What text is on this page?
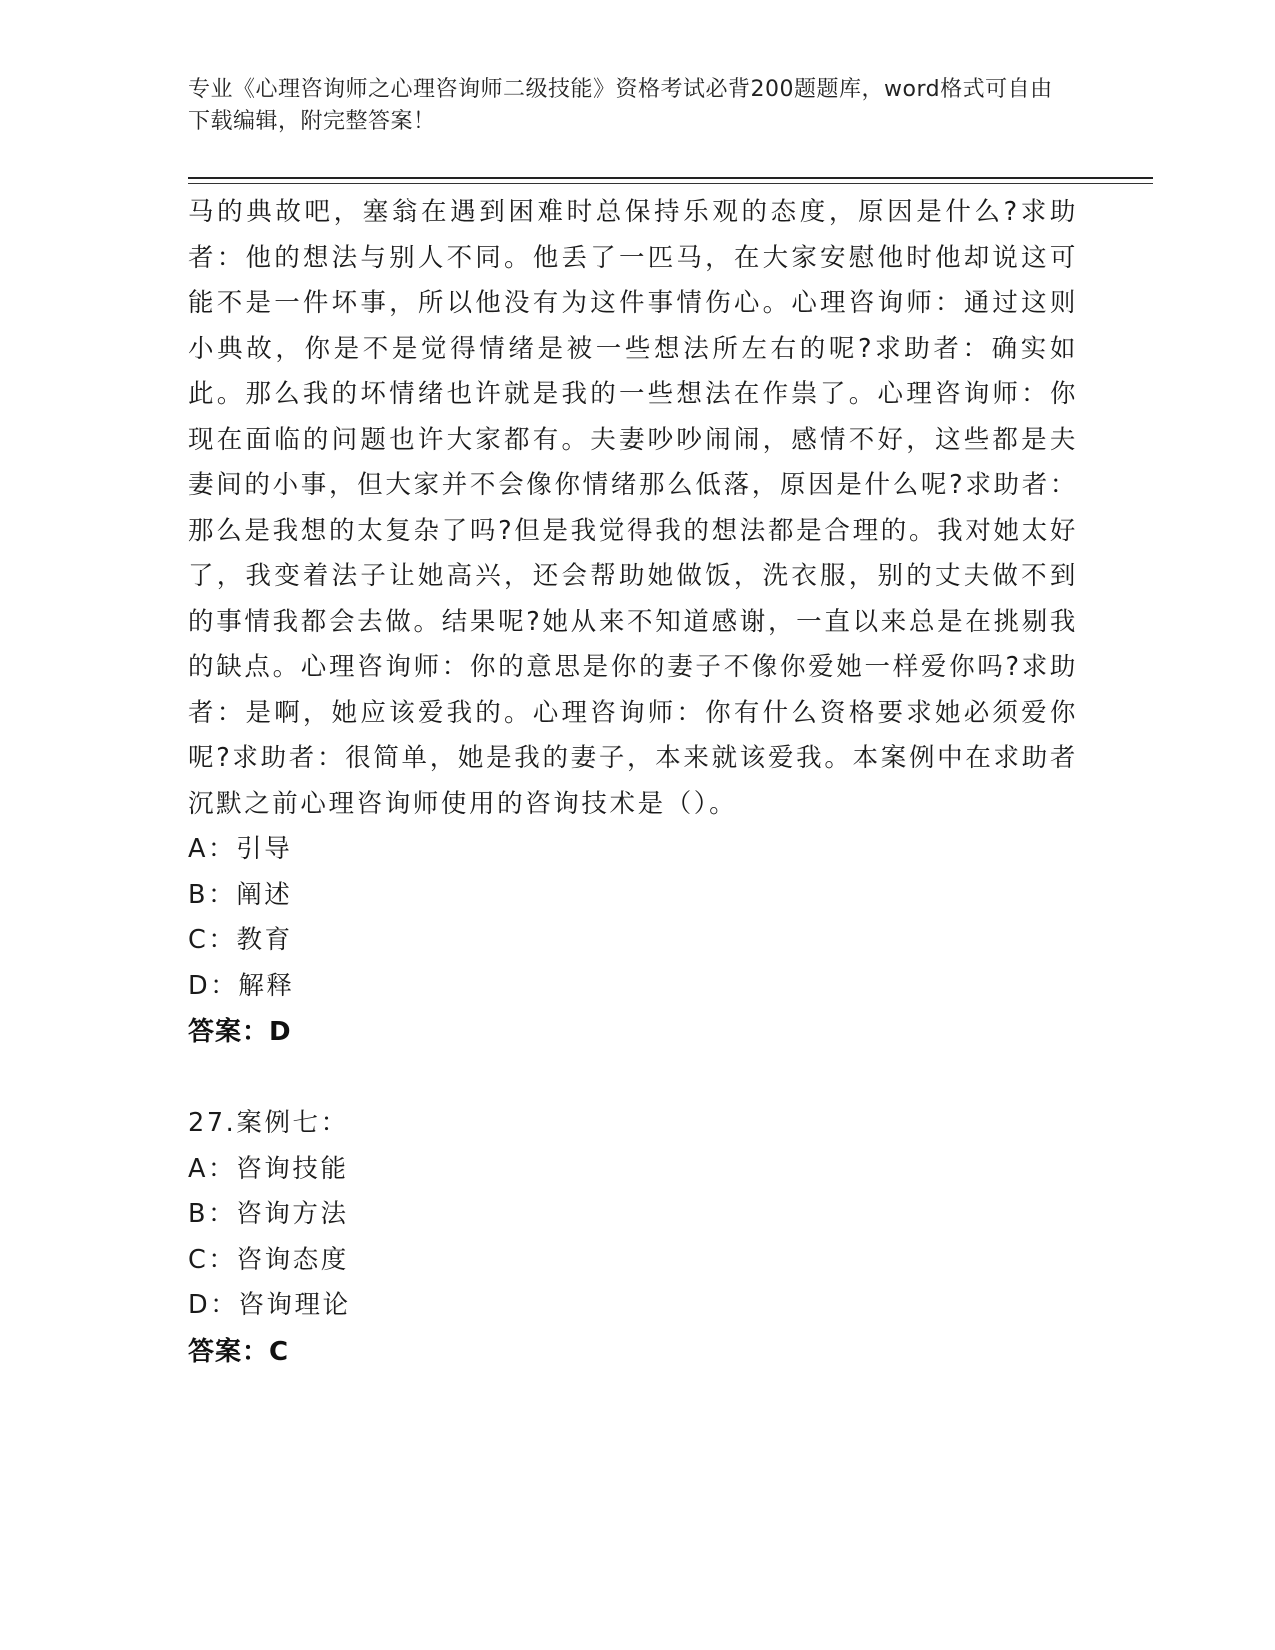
专业《心理咨询师之心理咨询师二级技能》资格考试必背200题题库，word格式可自由下载编辑，附完整答案！

马的典故吧，塞翁在遇到困难时总保持乐观的态度，原因是什么?求助者：他的想法与别人不同。他丢了一匹马，在大家安慰他时他却说这可能不是一件坏事，所以他没有为这件事情伤心。心理咨询师：通过这则小典故，你是不是觉得情绪是被一些想法所左右的呢?求助者：确实如此。那么我的坏情绪也许就是我的一些想法在作祟了。心理咨询师：你现在面临的问题也许大家都有。夫妻吵吵闹闹，感情不好，这些都是夫妻间的小事，但大家并不会像你情绪那么低落，原因是什么呢?求助者：那么是我想的太复杂了吗?但是我觉得我的想法都是合理的。我对她太好了，我变着法子让她高兴，还会帮助她做饭，洗衣服，别的丈夫做不到的事情我都会去做。结果呢?她从来不知道感谢，一直以来总是在挑剔我的缺点。心理咨询师：你的意思是你的妻子不像你爱她一样爱你吗?求助者：是啊，她应该爱我的。心理咨询师：你有什么资格要求她必须爱你呢?求助者：很简单，她是我的妻子，本来就该爱我。本案例中在求助者沉默之前心理咨询师使用的咨询技术是（）。

A：引导

B：阐述

C：教育

D：解释

答案：D

27.案例七：

A：咨询技能

B：咨询方法

C：咨询态度

D：咨询理论

答案：C
